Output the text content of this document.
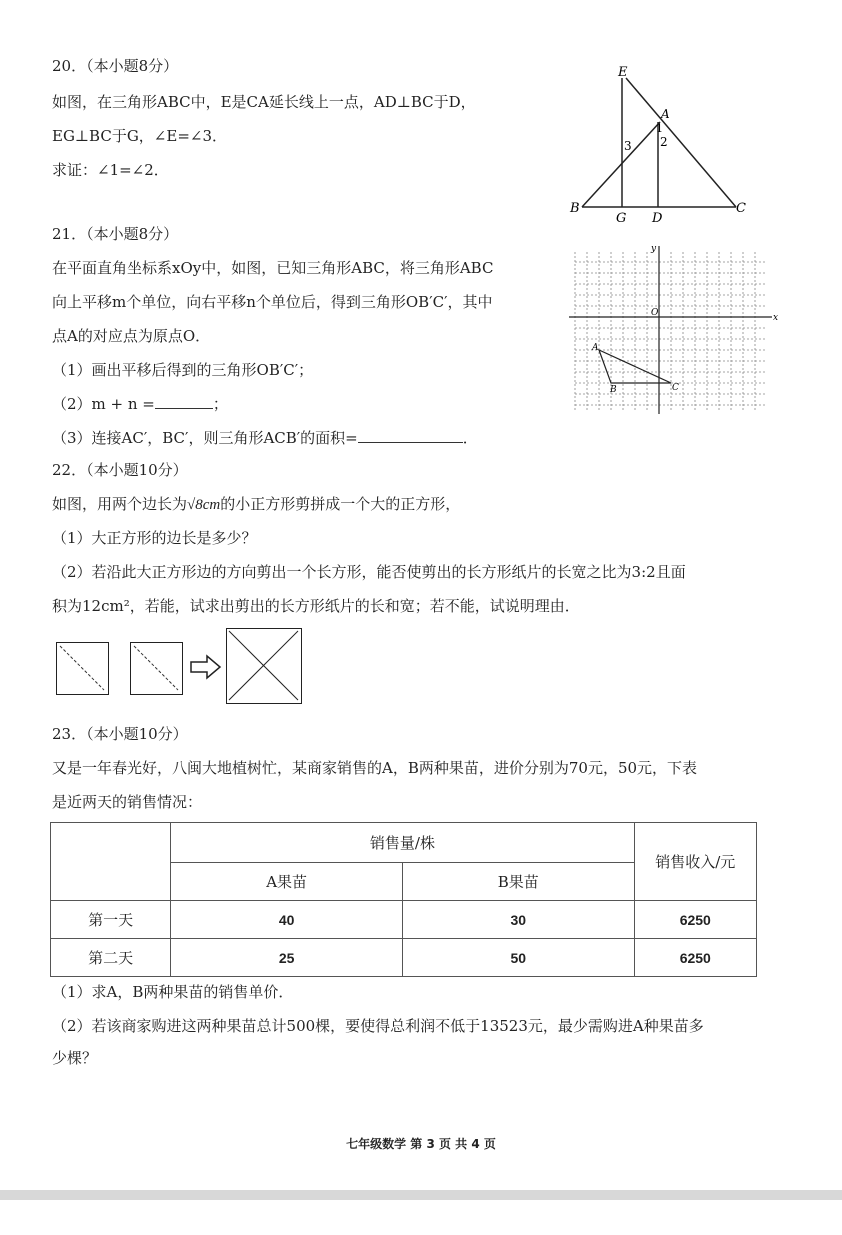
20．（本小题8分）
如图，在三角形ABC中，E是CA延长线上一点，AD⊥BC于D，
EG⊥BC于G，∠E=∠3．
求证：∠1=∠2．
E
A
B	C
G D
1
2
3
21．（本小题8分）
在平面直角坐标系xOy中，如图，已知三角形ABC，将三角形ABC
向上平移m个单位，向右平移n个单位后，得到三角形OB′C′，其中
点A的对应点为原点O．
（1）画出平移后得到的三角形OB′C′；
（2）m + n =	；
（3）连接AC′，BC′，则三角形ACB′的面积=	．
y
x
O
A
B	C
22．（本小题10分）
如图，用两个边长为√8cm的小正方形剪拼成一个大的正方形，
（1）大正方形的边长是多少？
（2）若沿此大正方形边的方向剪出一个长方形，能否使剪出的长方形纸片的长宽之比为3:2且面
积为12cm²，若能，试求出剪出的长方形纸片的长和宽；若不能，试说明理由．
23．（本小题10分）
又是一年春光好，八闽大地植树忙，某商家销售的A，B两种果苗，进价分别为70元，50元，下表
是近两天的销售情况：
	销售量/株		销售收入/元
	A果苗	B果苗	
第一天	40	30	6250
第二天	25	50	6250
（1）求A，B两种果苗的销售单价．
（2）若该商家购进这两种果苗总计500棵，要使得总利润不低于13523元，最少需购进A种果苗多
少棵？
七年级数学 第 3 页 共 4 页
